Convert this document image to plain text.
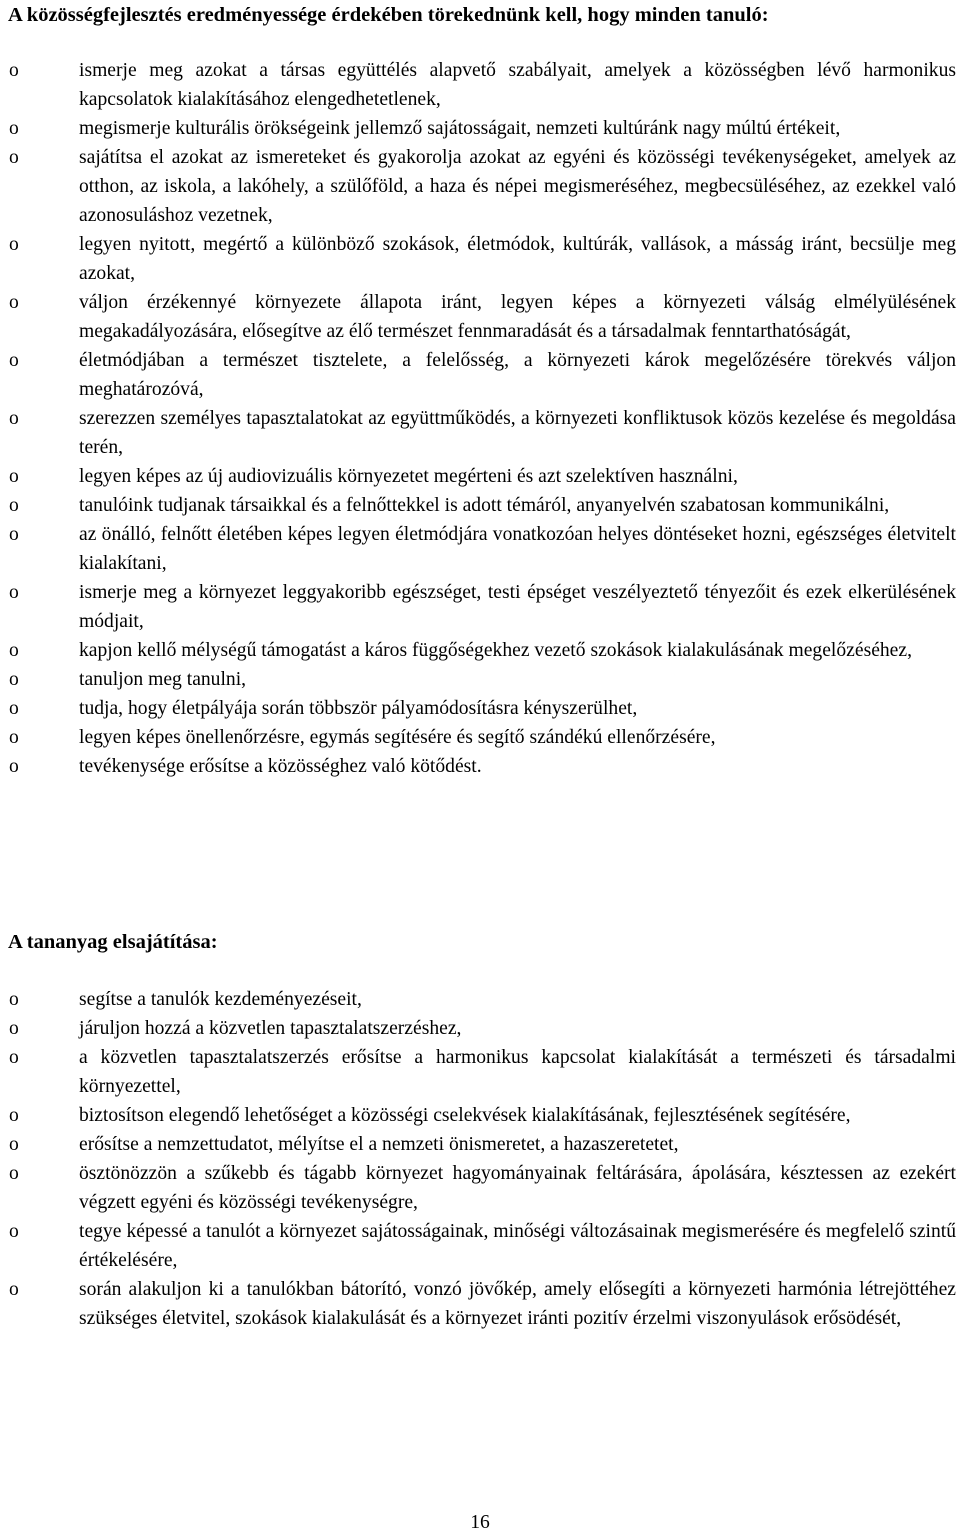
A közösségfejlesztés eredményessége érdekében törekednünk kell, hogy minden tanuló:
o	ismerje meg azokat a társas együttélés alapvető szabályait, amelyek a közösségben lévő harmonikus kapcsolatok kialakításához elengedhetetlenek,
o	megismerje kulturális örökségeink jellemző sajátosságait, nemzeti kultúránk nagy múltú értékeit,
o	sajátítsa el azokat az ismereteket és gyakorolja azokat az egyéni és közösségi tevékenységeket, amelyek az otthon, az iskola, a lakóhely, a szülőföld, a haza és népei megismeréséhez, megbecsüléséhez, az ezekkel való azonosuláshoz vezetnek,
o	legyen nyitott, megértő a különböző szokások, életmódok, kultúrák, vallások, a másság iránt, becsülje meg azokat,
o	váljon érzékennyé környezete állapota iránt, legyen képes a környezeti válság elmélyülésének megakadályozására, elősegítve az élő természet fennmaradását és a társadalmak fenntarthatóságát,
o	életmódjában a természet tisztelete, a felelősség, a környezeti károk megelőzésére törekvés váljon meghatározóvá,
o	szerezzen személyes tapasztalatokat az együttműködés, a környezeti konfliktusok közös kezelése és megoldása terén,
o	legyen képes az új audiovizuális környezetet megérteni és azt szelektíven használni,
o	tanulóink tudjanak társaikkal és a felnőttekkel is adott témáról, anyanyelvén szabatosan kommunikálni,
o	az önálló, felnőtt életében képes legyen életmódjára vonatkozóan helyes döntéseket hozni, egészséges életvitelt kialakítani,
o	ismerje meg a környezet leggyakoribb egészséget, testi épséget veszélyeztető tényezőit és ezek elkerülésének módjait,
o	kapjon kellő mélységű támogatást a káros függőségekhez vezető szokások kialakulásának megelőzéséhez,
o	tanuljon meg tanulni,
o	tudja, hogy életpályája során többször pályamódosításra kényszerülhet,
o	legyen képes önellenőrzésre, egymás segítésére és segítő szándékú ellenőrzésére,
o	tevékenysége erősítse a közösséghez való kötődést.
A tananyag elsajátítása:
o	segítse a tanulók kezdeményezéseit,
o	járuljon hozzá a közvetlen tapasztalatszerzéshez,
o	a közvetlen tapasztalatszerzés erősítse a harmonikus kapcsolat kialakítását a természeti és társadalmi környezettel,
o	biztosítson elegendő lehetőséget a közösségi cselekvések kialakításának, fejlesztésének segítésére,
o	erősítse a nemzettudatot, mélyítse el a nemzeti önismeretet, a hazaszeretetet,
o	ösztönözzön a szűkebb és tágabb környezet hagyományainak feltárására, ápolására, késztessen az ezekért végzett egyéni és közösségi tevékenységre,
o	tegye képessé a tanulót a környezet sajátosságainak, minőségi változásainak megismerésére és megfelelő szintű értékelésére,
o	során alakuljon ki a tanulókban bátorító, vonzó jövőkép, amely elősegíti a környezeti harmónia létrejöttéhez szükséges életvitel, szokások kialakulását és a környezet iránti pozitív érzelmi viszonyulások erősödését,
16
